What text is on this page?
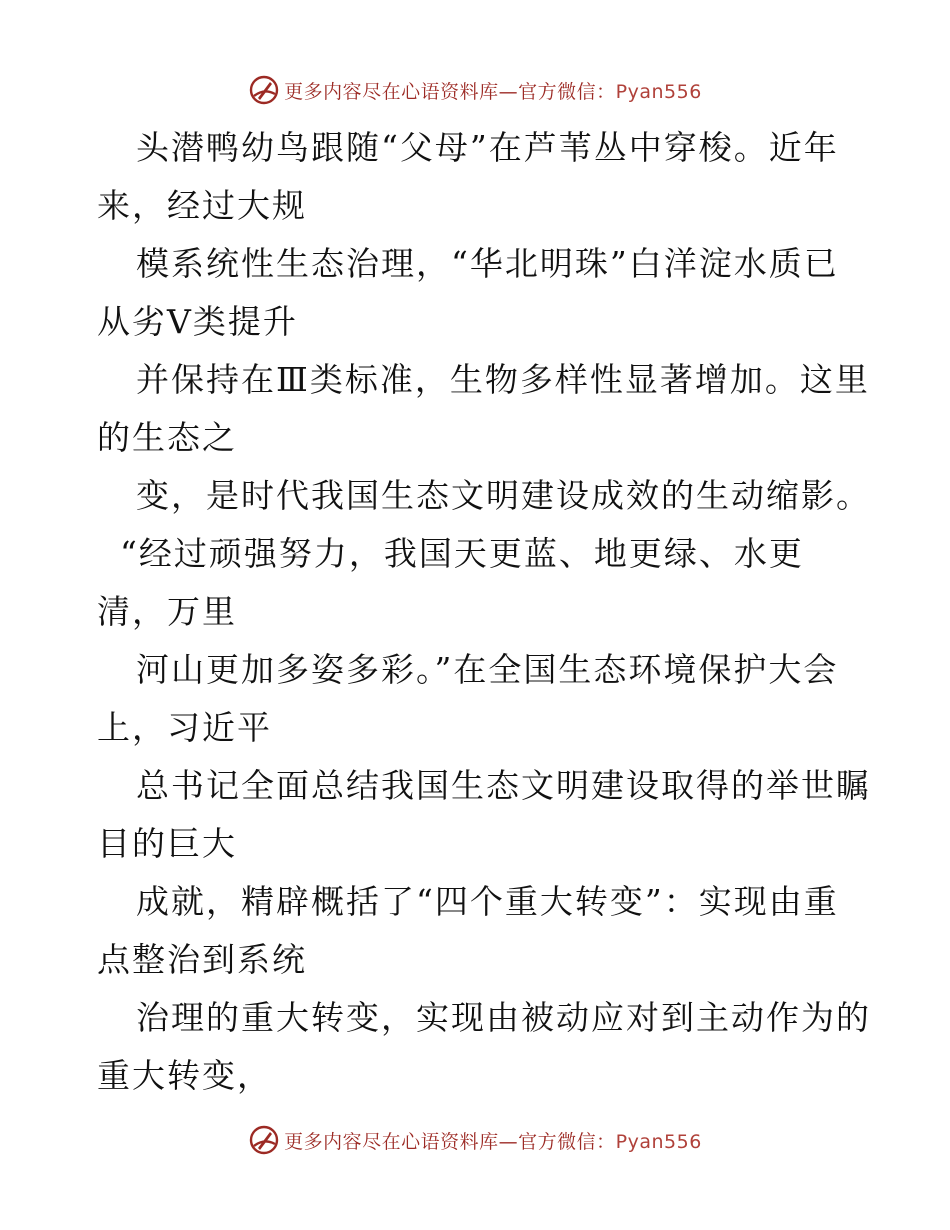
更多内容尽在心语资料库—官方微信：Pyan556
头潜鸭幼鸟跟随“父母”在芦苇丛中穿梭。近年
来，经过大规
模系统性生态治理，“华北明珠”白洋淀水质已
从劣Ⅴ类提升
并保持在Ⅲ类标准，生物多样性显著增加。这里
的生态之
变，是时代我国生态文明建设成效的生动缩影。
“经过顽强努力，我国天更蓝、地更绿、水更
清，万里
河山更加多姿多彩。”在全国生态环境保护大会
上，习近平
总书记全面总结我国生态文明建设取得的举世瞩
目的巨大
成就，精辟概括了“四个重大转变”：实现由重
点整治到系统
治理的重大转变，实现由被动应对到主动作为的
重大转变，
更多内容尽在心语资料库—官方微信：Pyan556
